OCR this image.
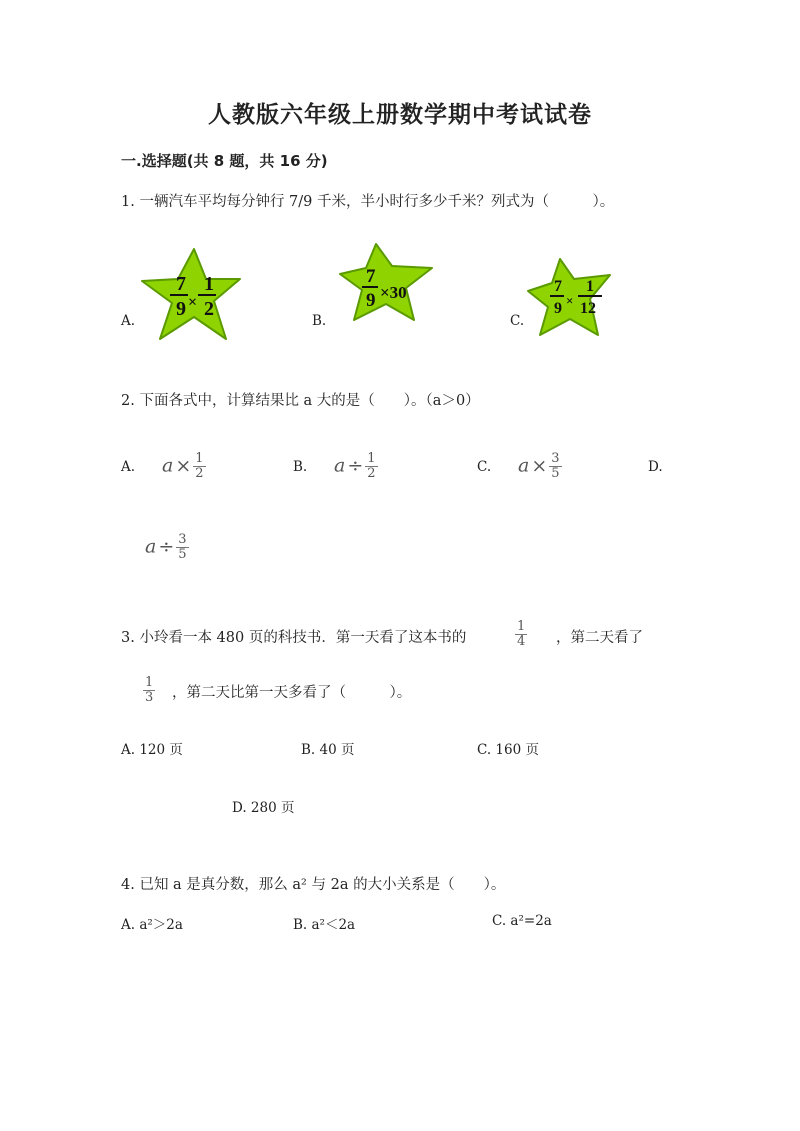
人教版六年级上册数学期中考试试卷
一.选择题(共 8 题，共 16 分)
1. 一辆汽车平均每分钟行 7/9 千米，半小时行多少千米？列式为（　　　）。
A.
7
9 ×
1
2
B.
7
9 ×30
C.
7
9 ×
1
12
2. 下面各式中，计算结果比 a 大的是（　　）。（a＞0）
A. $a \times \frac{1}{2}$	B. $a \div \frac{1}{2}$	C. $a \times \frac{3}{5}$	D.
$a \div \frac{3}{5}$
3. 小玲看一本 480 页的科技书．第一天看了这本书的	$\frac{1}{4}$ ，第二天看了
$\frac{1}{3}$ ，第二天比第一天多看了（　　　）。
A. 120 页	B. 40 页	C. 160 页
D. 280 页
4. 已知 a 是真分数，那么 a² 与 2a 的大小关系是（　　）。
A. a²＞2a	B. a²＜2a	C. a²=2a
